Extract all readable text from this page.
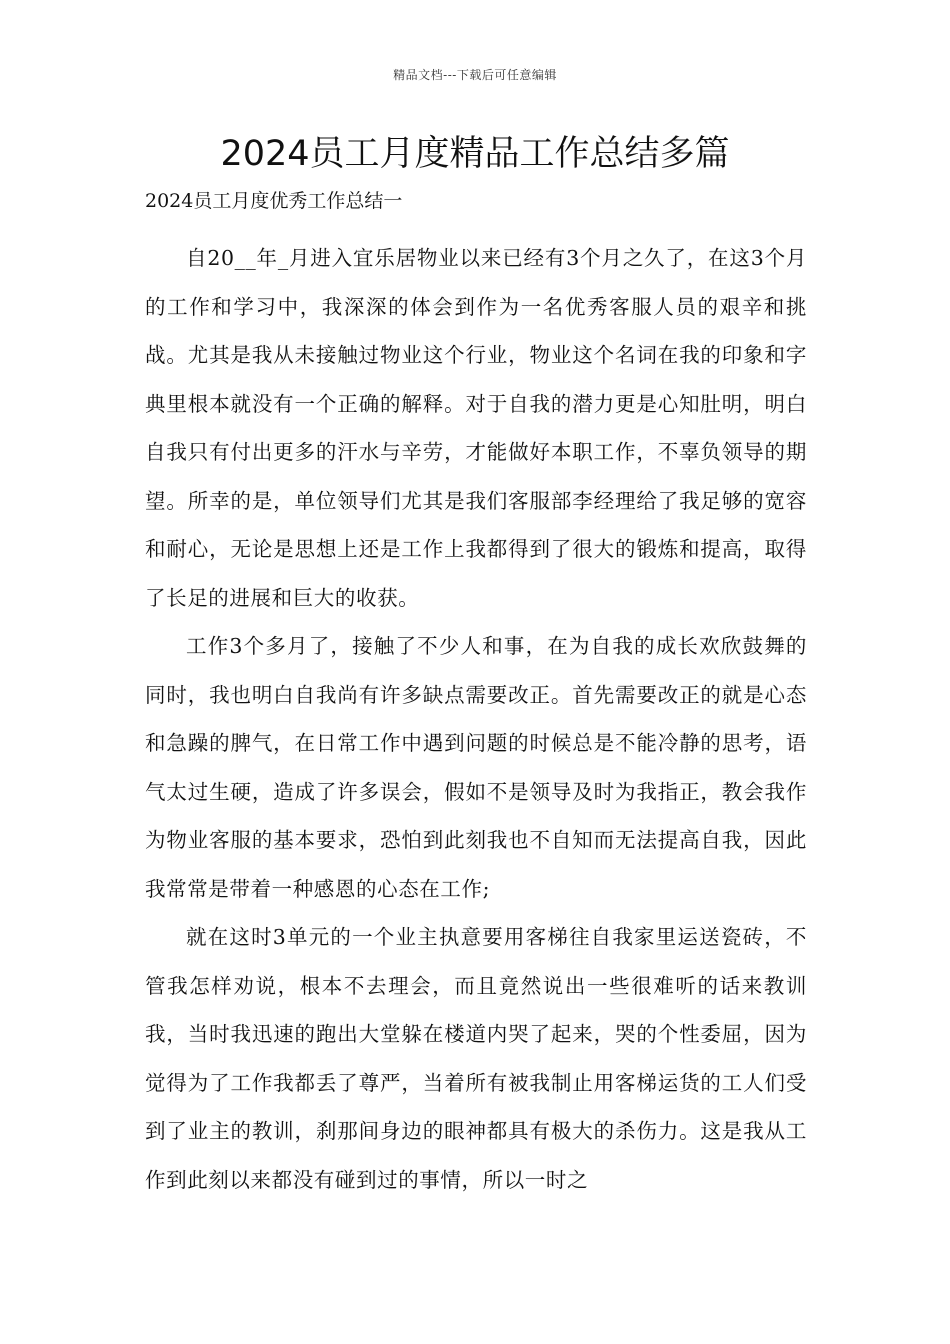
精品文档---下载后可任意编辑
2024员工月度精品工作总结多篇
2024员工月度优秀工作总结一

自20__年_月进入宜乐居物业以来已经有3个月之久了，在这3个月的工作和学习中，我深深的体会到作为一名优秀客服人员的艰辛和挑战。尤其是我从未接触过物业这个行业，物业这个名词在我的印象和字典里根本就没有一个正确的解释。对于自我的潜力更是心知肚明，明白自我只有付出更多的汗水与辛劳，才能做好本职工作，不辜负领导的期望。所幸的是，单位领导们尤其是我们客服部李经理给了我足够的宽容和耐心，无论是思想上还是工作上我都得到了很大的锻炼和提高，取得了长足的进展和巨大的收获。

工作3个多月了，接触了不少人和事，在为自我的成长欢欣鼓舞的同时，我也明白自我尚有许多缺点需要改正。首先需要改正的就是心态和急躁的脾气，在日常工作中遇到问题的时候总是不能冷静的思考，语气太过生硬，造成了许多误会，假如不是领导及时为我指正，教会我作为物业客服的基本要求，恐怕到此刻我也不自知而无法提高自我，因此我常常是带着一种感恩的心态在工作;

就在这时3单元的一个业主执意要用客梯往自我家里运送瓷砖，不管我怎样劝说，根本不去理会，而且竟然说出一些很难听的话来教训我，当时我迅速的跑出大堂躲在楼道内哭了起来，哭的个性委屈，因为觉得为了工作我都丢了尊严，当着所有被我制止用客梯运货的工人们受到了业主的教训，刹那间身边的眼神都具有极大的杀伤力。这是我从工作到此刻以来都没有碰到过的事情，所以一时之
